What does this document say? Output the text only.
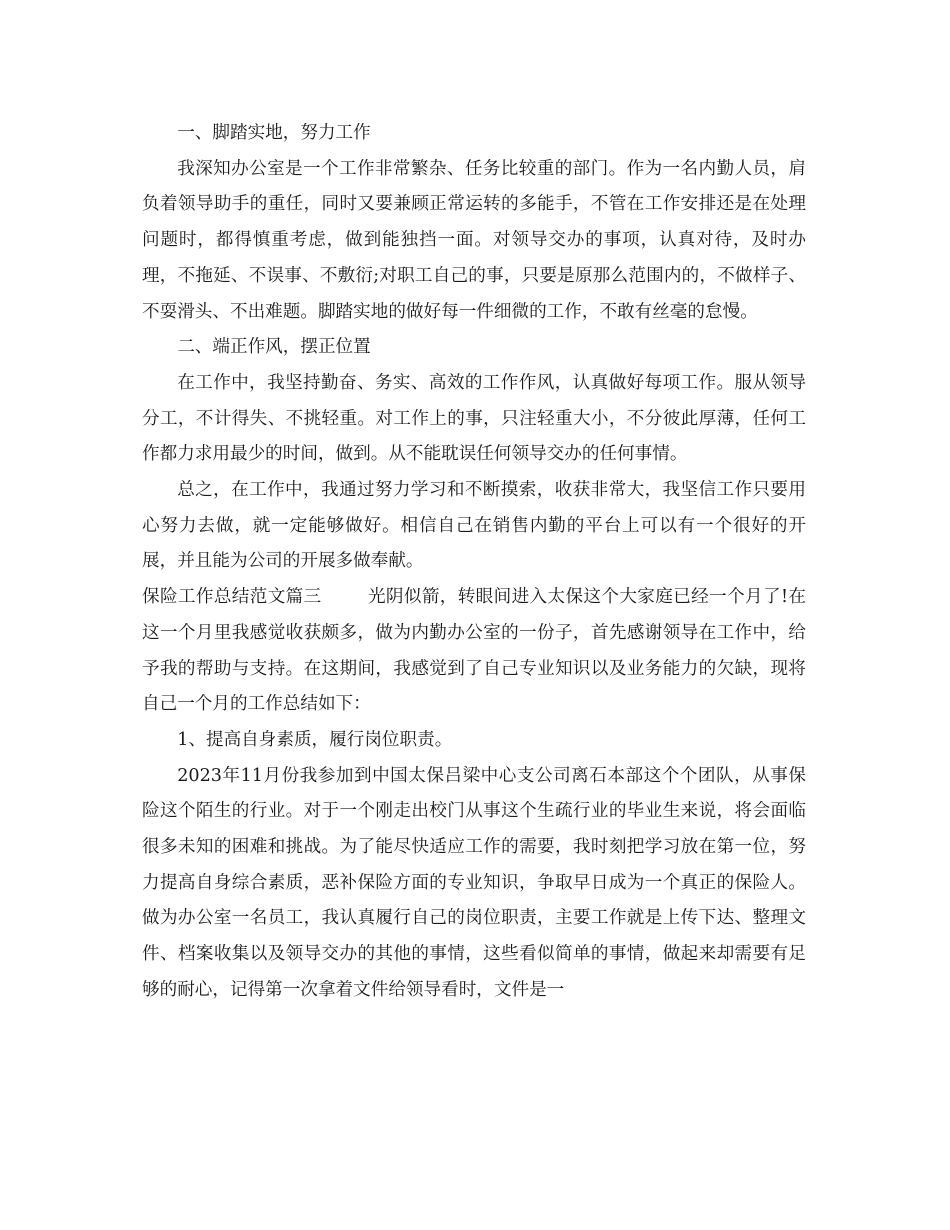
一、脚踏实地，努力工作

我深知办公室是一个工作非常繁杂、任务比较重的部门。作为一名内勤人员，肩负着领导助手的重任，同时又要兼顾正常运转的多能手，不管在工作安排还是在处理问题时，都得慎重考虑，做到能独挡一面。对领导交办的事项，认真对待，及时办理，不拖延、不误事、不敷衍;对职工自己的事，只要是原那么范围内的，不做样子、不耍滑头、不出难题。脚踏实地的做好每一件细微的工作，不敢有丝毫的怠慢。

二、端正作风，摆正位置

在工作中，我坚持勤奋、务实、高效的工作作风，认真做好每项工作。服从领导分工，不计得失、不挑轻重。对工作上的事，只注轻重大小，不分彼此厚薄，任何工作都力求用最少的时间，做到。从不能耽误任何领导交办的任何事情。

总之，在工作中，我通过努力学习和不断摸索，收获非常大，我坚信工作只要用心努力去做，就一定能够做好。相信自己在销售内勤的平台上可以有一个很好的开展，并且能为公司的开展多做奉献。

保险工作总结范文篇三	光阴似箭，转眼间进入太保这个大家庭已经一个月了!在这一个月里我感觉收获颇多，做为内勤办公室的一份子，首先感谢领导在工作中，给予我的帮助与支持。在这期间，我感觉到了自己专业知识以及业务能力的欠缺，现将自己一个月的工作总结如下：

1、提高自身素质，履行岗位职责。

2023年11月份我参加到中国太保吕梁中心支公司离石本部这个个团队，从事保险这个陌生的行业。对于一个刚走出校门从事这个生疏行业的毕业生来说，将会面临很多未知的困难和挑战。为了能尽快适应工作的需要，我时刻把学习放在第一位，努力提高自身综合素质，恶补保险方面的专业知识，争取早日成为一个真正的保险人。做为办公室一名员工，我认真履行自己的岗位职责，主要工作就是上传下达、整理文件、档案收集以及领导交办的其他的事情，这些看似简单的事情，做起来却需要有足够的耐心，记得第一次拿着文件给领导看时，文件是一
